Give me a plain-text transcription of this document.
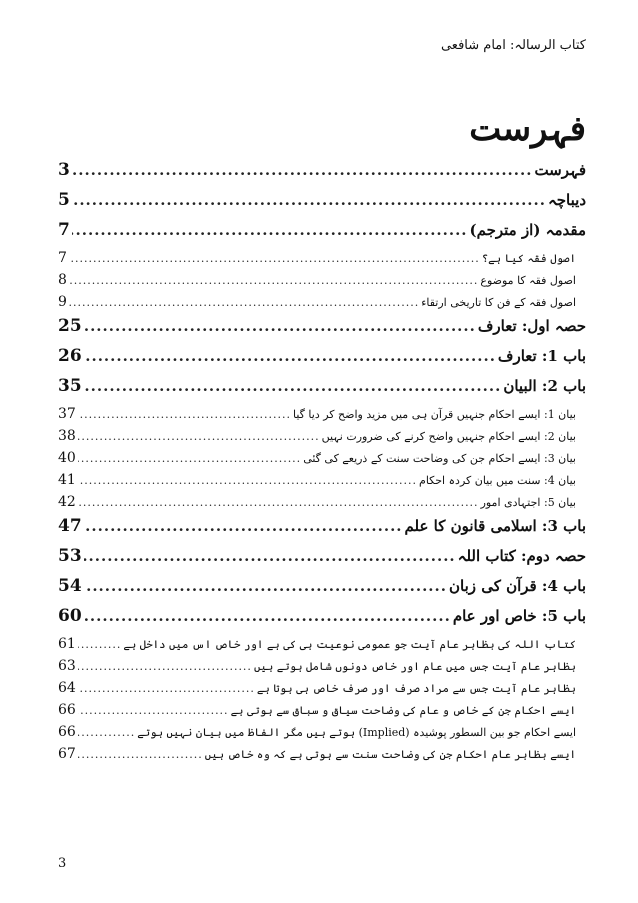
کتاب الرسالہ: امام شافعی
فہرست
فہرست
.....
3
دیباچہ
.....
5
مقدمہ (از مترجم)
.....
7
اصول فقہ کیا ہے؟
.....
7
اصول فقہ کا موضوع
.....
8
اصول فقہ کے فن کا تاریخی ارتقاء
.....
9
حصہ اول: تعارف
.....
25
باب 1: تعارف
.....
26
باب 2: البیان
.....
35
بیان 1: ایسے احکام جنہیں قرآن ہی میں مزید واضح کر دیا گیا
.....
37
بیان 2: ایسے احکام جنہیں واضح کرنے کی ضرورت نہیں
.....
38
بیان 3: ایسے احکام جن کی وضاحت سنت کے ذریعے کی گئی
.....
40
بیان 4: سنت میں بیان کردہ احکام
.....
41
بیان 5: اجتہادی امور
.....
42
باب 3: اسلامی قانون کا علم
.....
47
حصہ دوم: کتاب اللہ
.....
53
باب 4: قرآن کی زبان
.....
54
باب 5: خاص اور عام
.....
60
کتاب اللہ کی بظاہر عام آیت جو عمومی نوعیت ہی کی ہے اور خاص اس میں داخل ہے
.....
61
بظاہر عام آیت جس میں عام اور خاص دونوں شامل ہوتے ہیں
.....
63
بظاہر عام آیت جس سے مراد صرف اور صرف خاص ہی ہوتا ہے
.....
64
ایسے احکام جن کے خاص و عام کی وضاحت سیاق و سباق سے ہوتی ہے
.....
66
ایسے احکام جو بین السطور پوشیدہ (Implied) ہوتے ہیں مگر الفاظ میں بیان نہیں ہوتے
.....
66
ایسے بظاہر عام احکام جن کی وضاحت سنت سے ہوتی ہے کہ وہ خاص ہیں
.....
67
3
